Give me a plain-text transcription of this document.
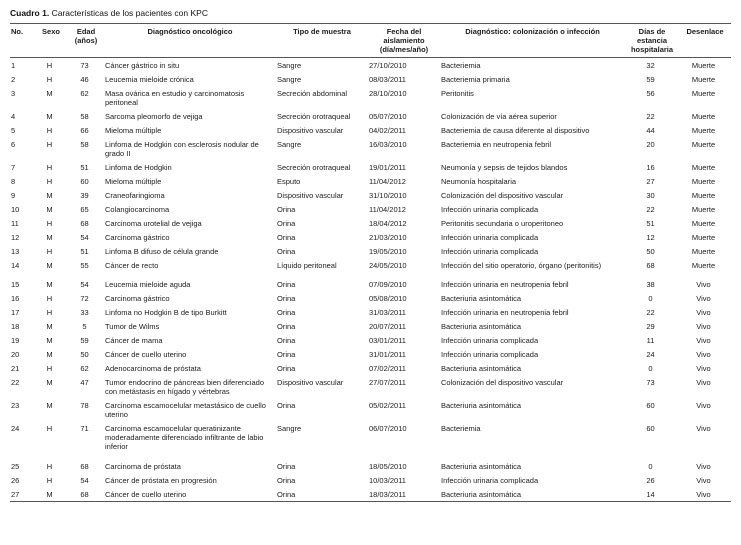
Cuadro 1. Características de los pacientes con KPC

No.	Sexo	Edad (años)	Diagnóstico oncológico	Tipo de muestra	Fecha del aislamiento (día/mes/año)	Diagnóstico: colonización o infección	Días de estancia hospitalaria	Desenlace
1	H	73	Cáncer gástrico in situ	Sangre	27/10/2010	Bacteriemia	32	Muerte
2	H	46	Leucemia mieloide crónica	Sangre	08/03/2011	Bacteriemia primaria	59	Muerte
3	M	62	Masa ovárica en estudio y carcinomatosis peritoneal	Secreción abdominal	28/10/2010	Peritonitis	56	Muerte
4	M	58	Sarcoma pleomorfo de vejiga	Secreción orotraqueal	05/07/2010	Colonización de vía aérea superior	22	Muerte
5	H	66	Mieloma múltiple	Dispositivo vascular	04/02/2011	Bacteriemia de causa diferente al dispositivo	44	Muerte
6	H	58	Linfoma de Hodgkin con esclerosis nodular de grado II	Sangre	16/03/2010	Bacteriemia en neutropenia febril	20	Muerte
7	H	51	Linfoma de Hodgkin	Secreción orotraqueal	19/01/2011	Neumonía y sepsis de tejidos blandos	16	Muerte
8	H	60	Mieloma múltiple	Esputo	11/04/2012	Neumonía hospitalaria	27	Muerte
9	M	39	Craneofaringioma	Dispositivo vascular	31/10/2010	Colonización del dispositivo vascular	30	Muerte
10	M	65	Colangiocarcinoma	Orina	11/04/2012	Infección urinaria complicada	22	Muerte
11	H	68	Carcinoma urotelial de vejiga	Orina	18/04/2012	Peritonitis secundaria o uroperitoneo	51	Muerte
12	M	54	Carcinoma gástrico	Orina	21/03/2010	Infección urinaria complicada	12	Muerte
13	H	51	Linfoma B difuso de célula grande	Orina	19/05/2010	Infección urinaria complicada	50	Muerte
14	M	55	Cáncer de recto	Líquido peritoneal	24/05/2010	Infección del sitio operatorio, órgano (peritonitis)	68	Muerte
15	M	54	Leucemia mieloide aguda	Orina	07/09/2010	Infección urinaria en neutropenia febril	38	Vivo
16	H	72	Carcinoma gástrico	Orina	05/08/2010	Bacteriuria asintomática	0	Vivo
17	H	33	Linfoma no Hodgkin B de tipo Burkitt	Orina	31/03/2011	Infección urinaria en neutropenia febril	22	Vivo
18	M	5	Tumor de Wilms	Orina	20/07/2011	Bacteriuria asintomática	29	Vivo
19	M	59	Cáncer de mama	Orina	03/01/2011	Infección urinaria complicada	11	Vivo
20	M	50	Cáncer de cuello uterino	Orina	31/01/2011	Infección urinaria complicada	24	Vivo
21	H	62	Adenocarcinoma de próstata	Orina	07/02/2011	Bacteriuria asintomática	0	Vivo
22	M	47	Tumor endocrino de páncreas bien diferenciado con metástasis en hígado y vértebras	Dispositivo vascular	27/07/2011	Colonización del dispositivo vascular	73	Vivo
23	M	78	Carcinoma escamocelular metastásico de cuello uterino	Orina	05/02/2011	Bacteriuria asintomática	60	Vivo
24	H	71	Carcinoma escamocelular queratinizante moderadamente diferenciado infiltrante de labio inferior	Sangre	06/07/2010	Bacteriemia	60	Vivo
25	H	68	Carcinoma de próstata	Orina	18/05/2010	Bacteriuria asintomática	0	Vivo
26	H	54	Cáncer de próstata en progresión	Orina	10/03/2011	Infección urinaria complicada	26	Vivo
27	M	68	Cáncer de cuello uterino	Orina	18/03/2011	Bacteriuria asintomática	14	Vivo
